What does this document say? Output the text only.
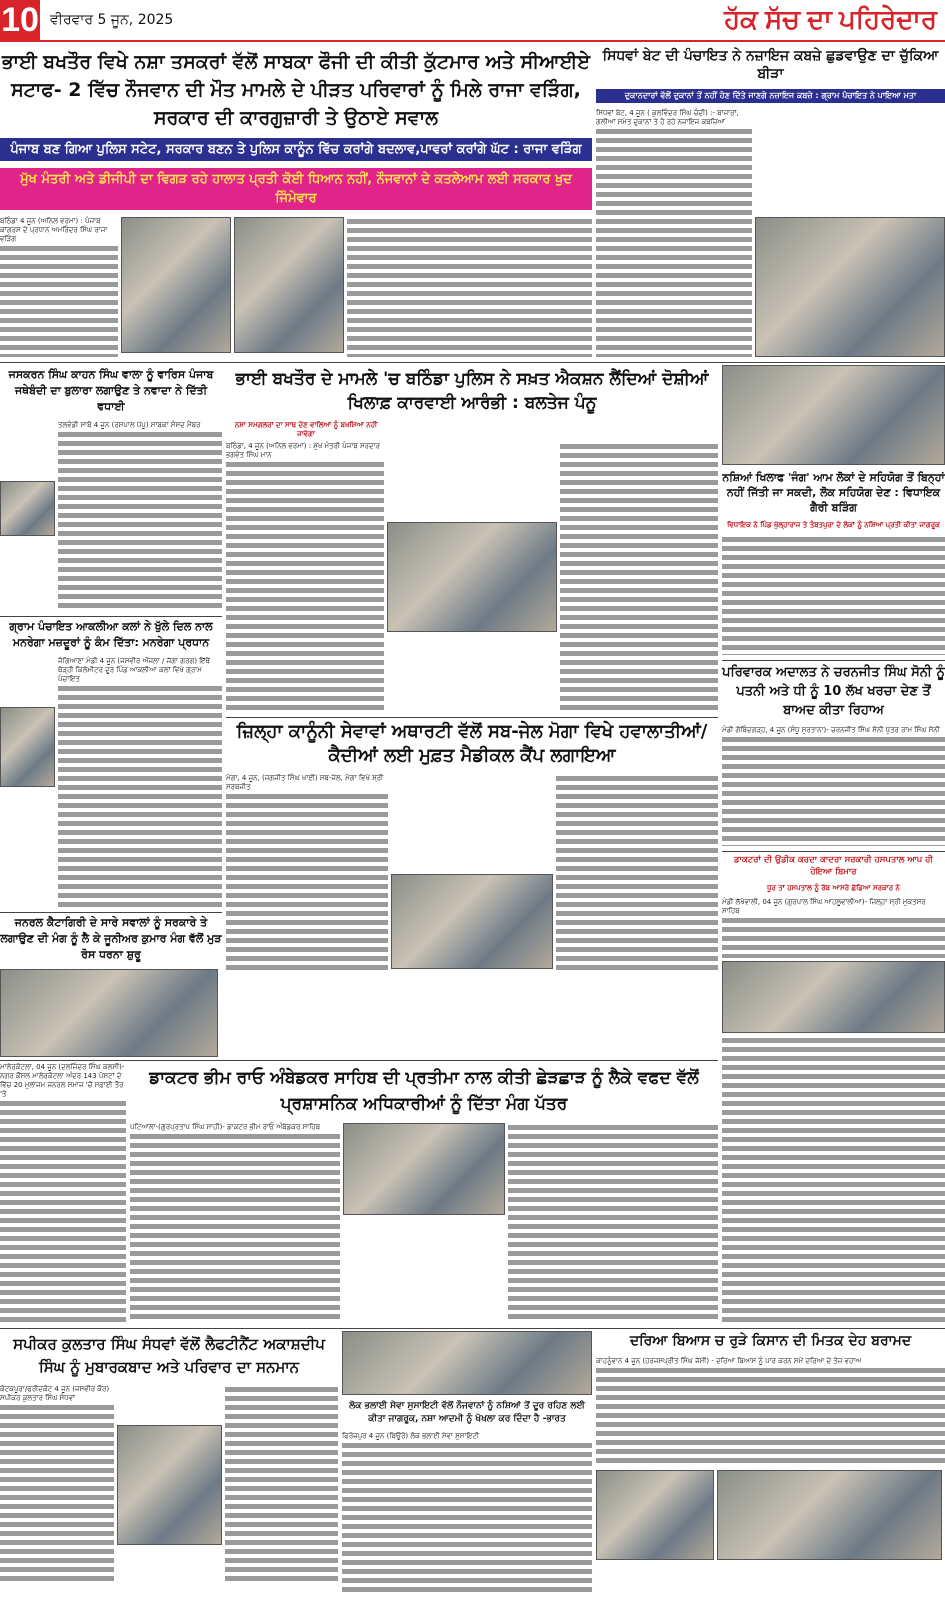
10 ਵੀਰਵਾਰ 5 ਜੂਨ, 2025	ਹੱਕ ਸੱਚ ਦਾ ਪਹਿਰੇਦਾਰ
ਭਾਈ ਬਖਤੌਰ ਵਿਖੇ ਨਸ਼ਾ ਤਸਕਰਾਂ ਵੱਲੋਂ ਸਾਬਕਾ ਫੌਜੀ ਦੀ ਕੀਤੀ ਕੁੱਟਮਾਰ ਅਤੇ ਸੀਆਈਏ ਸਟਾਫ- 2 ਵਿੱਚ ਨੌਜਵਾਨ ਦੀ ਮੌਤ ਮਾਮਲੇ ਦੇ ਪੀੜਤ ਪਰਿਵਾਰਾਂ ਨੂੰ ਮਿਲੇ ਰਾਜਾ ਵੜਿੰਗ, ਸਰਕਾਰ ਦੀ ਕਾਰਗੁਜ਼ਾਰੀ ਤੇ ਉਠਾਏ ਸਵਾਲ
ਪੰਜਾਬ ਬਣ ਗਿਆ ਪੁਲਿਸ ਸਟੇਟ, ਸਰਕਾਰ ਬਣਨ ਤੇ ਪੁਲਿਸ ਕਾਨੂੰਨ ਵਿੱਚ ਕਰਾਂਗੇ ਬਦਲਾਵ,ਪਾਵਰਾਂ ਕਰਾਂਗੇ ਘੱਟ : ਰਾਜਾ ਵੜਿੰਗ
ਮੁੱਖ ਮੰਤਰੀ ਅਤੇ ਡੀਜੀਪੀ ਦਾ ਵਿਗੜ ਰਹੇ ਹਾਲਾਤ ਪ੍ਰਤੀ ਕੋਈ ਧਿਆਨ ਨਹੀਂ, ਨੌਜਵਾਨਾਂ ਦੇ ਕਤਲੇਆਮ ਲਈ ਸਰਕਾਰ ਖੁਦ ਜਿੰਮੇਵਾਰ
ਬਠਿੰਡਾ 4 ਜੂਨ (ਅਨਿਲ ਵਰਮਾ) : ਪੰਜਾਬ ਕਾਂਗਰਸ ਦੇ ਪ੍ਰਧਾਨ ਅਮਰਿੰਦਰ ਸਿੰਘ ਰਾਜਾ ਵੜਿੰਗ
ਸਿਧਵਾਂ ਬੇਟ ਦੀ ਪੰਚਾਇਤ ਨੇ ਨਜ਼ਾਇਜ ਕਬਜ਼ੇ ਛੁਡਵਾਉਣ ਦਾ ਚੁੱਕਿਆ ਬੀੜਾ
ਦੁਕਾਨਦਾਰਾਂ ਵੱਲੋਂ ਦੁਕਾਨਾਂ ਤੋਂ ਨਹੀਂ ਹੋਣ ਦਿੱਤੇ ਜਾਣਗੇ ਨਜ਼ਾਇਜ ਕਬਜ਼ੇ : ਗ੍ਰਾਮ ਪੰਚਾਇਤ ਨੇ ਪਾਇਆ ਮਤਾ
ਸਿਧਵਾਂ ਬੇਟ, 4 ਜੂਨ ( ਕੁਲਵਿੰਦਰ ਸਿੰਘ ਚੰਦੀ) :- ਬਾਜ਼ਾਰਾਂ, ਗਲੀਆਂ ਸਮੇਤ ਦੁਕਾਨਾਂ ਤੇ ਹੋ ਰਹੇ ਨਜ਼ਾਇਜ ਕਬਜ਼ਿਆਂ
ਜਸਕਰਨ ਸਿੰਘ ਕਾਹਨ ਸਿੰਘ ਵਾਲਾ ਨੂੰ ਵਾਰਿਸ ਪੰਜਾਬ ਜਥੇਬੰਦੀ ਦਾ ਬੁਲਾਰਾ ਲਗਾਉਣ ਤੇ ਨਵਾਦਾ ਨੇ ਦਿੱਤੀ ਵਧਾਈ
ਤਲਵੰਡੀ ਸਾਬੋ 4 ਜੂਨ (ਰਸ਼ਪਾਲ ਪੱਪੂ) ਸਾਬਕਾ ਸੰਸਦ ਮੈਂਬਰ
ਗ੍ਰਾਮ ਪੰਚਾਇਤ ਆਕਲੀਆ ਕਲਾਂ ਨੇ ਖੁੱਲੇ ਦਿਲ ਨਾਲ ਮਨਰੇਗਾ ਮਜ਼ਦੂਰਾਂ ਨੂੰ ਕੰਮ ਦਿੱਤਾ: ਮਨਰੇਗਾ ਪ੍ਰਧਾਨ
ਜੋਗਿਆਣਾ ਮੰਡੀ 4 ਜੂਨ (ਜਸਵੀਰ ਔਜਲਾ / ਜੱਗਾ ਗਰਗ) ਇੱਥੋਂ ਥੋੜ੍ਹੀ ਕਿਲੋਮੀਟਰ ਦੂਰ ਪਿੰਡ ਆਕਲੀਆ ਕਲਾਂ ਵਿਖੇ ਗ੍ਰਾਮ ਪੰਚਾਇਤ
ਜਨਰਲ ਕੈਟਾਗਿਰੀ ਦੇ ਸਾਰੇ ਸਵਾਲਾਂ ਨੂੰ ਸਰਕਾਰੇ ਤੇ ਲਗਾਉਣ ਦੀ ਮੰਗ ਨੂੰ ਲੈ ਕੇ ਜੂਨੀਅਰ ਕੁਮਾਰ ਮੰਗ ਵੱਲੋਂ ਮੁੜ ਰੋਸ ਧਰਨਾ ਸ਼ੁਰੂ
ਭਾਈ ਬਖਤੌਰ ਦੇ ਮਾਮਲੇ 'ਚ ਬਠਿੰਡਾ ਪੁਲਿਸ ਨੇ ਸਖ਼ਤ ਐਕਸ਼ਨ ਲੈਂਦਿਆਂ ਦੋਸ਼ੀਆਂ ਖਿਲਾਫ਼ ਕਾਰਵਾਈ ਆਰੰਭੀ : ਬਲਤੇਜ ਪੰਨੂ
ਨਸ਼ਾ ਸਮਗਲਰਾਂ ਦਾ ਸਾਥ ਦੇਣ ਵਾਲਿਆਂ ਨੂੰ ਬਖਸ਼ਿਆ ਨਹੀਂ ਜਾਵੇਗਾ
ਬਠਿੰਡਾ, 4 ਜੂਨ (ਅਨਿਲ ਵਰਮਾ) : ਮੁੱਖ ਮੰਤਰੀ ਪੰਜਾਬ ਸਰਦਾਰ ਭਗਵੰਤ ਸਿੰਘ ਮਾਨ
ਜ਼ਿਲ੍ਹਾ ਕਾਨੂੰਨੀ ਸੇਵਾਵਾਂ ਅਥਾਰਟੀ ਵੱਲੋਂ ਸਬ-ਜੇਲ ਮੋਗਾ ਵਿਖੇ ਹਵਾਲਾਤੀਆਂ/ਕੈਦੀਆਂ ਲਈ ਮੁਫ਼ਤ ਮੈਡੀਕਲ ਕੈਂਪ ਲਗਾਇਆ
ਮੋਗਾ, 4 ਜੂਨ, (ਜਗਜੀਤ ਸਿੰਘ ਖਾਈ) ਸਬ-ਜੇਲ, ਮੋਗਾ ਵਿਖੇ ਸ਼੍ਰੀ ਸਰਬਜੀਤ
ਮਾਲੇਰਕੋਟਲਾ, 04 ਜੂਨ (ਦਲਜਿੰਦਰ ਸਿੰਘ ਕਲਸੀ)- ਨਗਰ ਕੌਂਸਲ ਮਾਲੇਰਕੋਟਲਾ ਅੰਦਰ 143 ਪੋਸਟਾਂ ਦੇ ਵਿੱਚ 20 ਮੁਲਾਜਮ ਜਨਰਲ ਸਮਾਜ 'ਚੋਂ ਸਫ਼ਾਈ ਤੌਰ 'ਤੇ
ਡਾਕਟਰ ਭੀਮ ਰਾਓ ਅੰਬੇਡਕਰ ਸਾਹਿਬ ਦੀ ਪ੍ਰਤੀਮਾ ਨਾਲ ਕੀਤੀ ਛੇੜਛਾੜ ਨੂੰ ਲੈਕੇ ਵਫਦ ਵੱਲੋਂ ਪ੍ਰਸ਼ਾਸਨਿਕ ਅਧਿਕਾਰੀਆਂ ਨੂੰ ਦਿੱਤਾ ਮੰਗ ਪੱਤਰ
ਪਟਿਆਲਾ-(ਗੁਰਪ੍ਰਤਾਪ ਸਿੰਘ ਸਾਹੀ)- ਡਾਕਟਰ ਭੀਮ ਰਾਓ ਅੰਬੇਡਕਰ ਸਾਹਿਬ
ਨਸ਼ਿਆਂ ਖਿਲਾਫ 'ਜੰਗ' ਆਮ ਲੋਕਾਂ ਦੇ ਸਹਿਯੋਗ ਤੋਂ ਬਿਨ੍ਹਾਂ ਨਹੀਂ ਜਿੱਤੀ ਜਾ ਸਕਦੀ, ਲੋਕ ਸਹਿਯੋਗ ਦੇਣ : ਵਿਧਾਇਕ ਗੈਰੀ ਬੜਿੰਗ
ਵਿਧਾਇਕ ਨੇ ਪਿੰਡ ਖੁੱਲ੍ਹਾਰਾਜ ਤੇ ਤੰਬਤਪੁਰਾ ਦੇ ਲੋਕਾਂ ਨੂੰ ਨਸ਼ਿਆਂ ਪ੍ਰਤੀ ਕੀਤਾ ਜਾਗਰੂਕ
ਪਰਿਵਾਰਕ ਅਦਾਲਤ ਨੇ ਚਰਨਜੀਤ ਸਿੰਘ ਸੋਨੀ ਨੂੰ ਪਤਨੀ ਅਤੇ ਧੀ ਨੂੰ 10 ਲੱਖ ਖਰਚਾ ਦੇਣ ਤੋਂ ਬਾਅਦ ਕੀਤਾ ਰਿਹਾਅ
ਮੰਡੀ ਗੋਬਿੰਦਗੜ੍ਹ, 4 ਜੂਨ (ਸੰਧੂ ਸੁਰਤਾਨਾ)- ਚਰਨਜੀਤ ਸਿੰਘ ਸੋਨੀ ਪੁੱਤਰ ਰਾਮ ਸਿੰਘ ਸੋਨੀ
ਡਾਕਟਰਾਂ ਦੀ ਉਡੀਕ ਕਰਦਾ ਕਾਦਰਾ ਸਰਕਾਰੀ ਹਸਪਤਾਲ ਆਪ ਹੀ ਹੋਇਆ ਬਿਮਾਰ
ਧੂਰ ਤਾਂ ਹਸਪਤਾਲ ਨੂੰ ਰੱਬ ਆਸਰੇ ਛੱਡਿਆ ਸਰਕਾਰ ਨੇ
ਮੰਡੀ ਲੱਖੇਵਾਲੀ, 04 ਜੂਨ (ਗੁਰਪਾਲ ਸਿੰਘ ਆਹਲੂਵਾਲੀਆ)- ਜ਼ਿਲ੍ਹਾ ਸ੍ਰੀ ਮੁਕਤਸਰ ਸਾਹਿਬ
ਸਪੀਕਰ ਕੁਲਤਾਰ ਸਿੰਘ ਸੰਧਵਾਂ ਵੱਲੋਂ ਲੈਫਟੀਨੈਂਟ ਅਕਾਸ਼ਦੀਪ ਸਿੰਘ ਨੂੰ ਮੁਬਾਰਕਬਾਦ ਅਤੇ ਪਰਿਵਾਰ ਦਾ ਸਨਮਾਨ
ਕੋਟਕਪੂਰਾ/ਫਰੀਦਕੋਟ 4 ਜੂਨ (ਜਸਵੀਰ ਕੌਰ) ਸਪੀਕਰ ਕੁਲਤਾਰ ਸਿੰਘ ਸੰਧਵਾਂ
ਲੋਕ ਭਲਾਈ ਸੇਵਾ ਸੁਸਾਇਟੀ ਵੱਲੋਂ ਨੌਜਵਾਨਾਂ ਨੂੰ ਨਸ਼ਿਆਂ ਤੋਂ ਦੂਰ ਰਹਿਣ ਲਈ ਕੀਤਾ ਜਾਗਰੂਕ, ਨਸ਼ਾ ਆਦਮੀ ਨੂੰ ਖੋਖਲਾ ਕਰ ਦਿੰਦਾ ਹੈ -ਭਾਰਤ
ਫਿਰੋਜ਼ਪੁਰ 4 ਜੂਨ (ਬਿਊਰੋ) ਲੋਕ ਭਲਾਈ ਸੇਵਾ ਸੁਸਾਇਟੀ
ਦਰਿਆ ਬਿਆਸ ਚ ਰੁੜੇ ਕਿਸਾਨ ਦੀ ਮਿਤਕ ਦੇਹ ਬਰਾਮਦ
ਕਾਹਨੂੰਵਾਨ 4 ਜੂਨ (ਹਰਜਸਪ੍ਰੀਤ ਸਿੰਘ ਜੱਸੀ) - ਦਰਿਆ ਬਿਆਸ ਨੂੰ ਪਾਰ ਕਰਨ ਸਮੇਂ ਦਰਿਆ ਦੇ ਤੇਜ਼ ਵਹਾਅ
